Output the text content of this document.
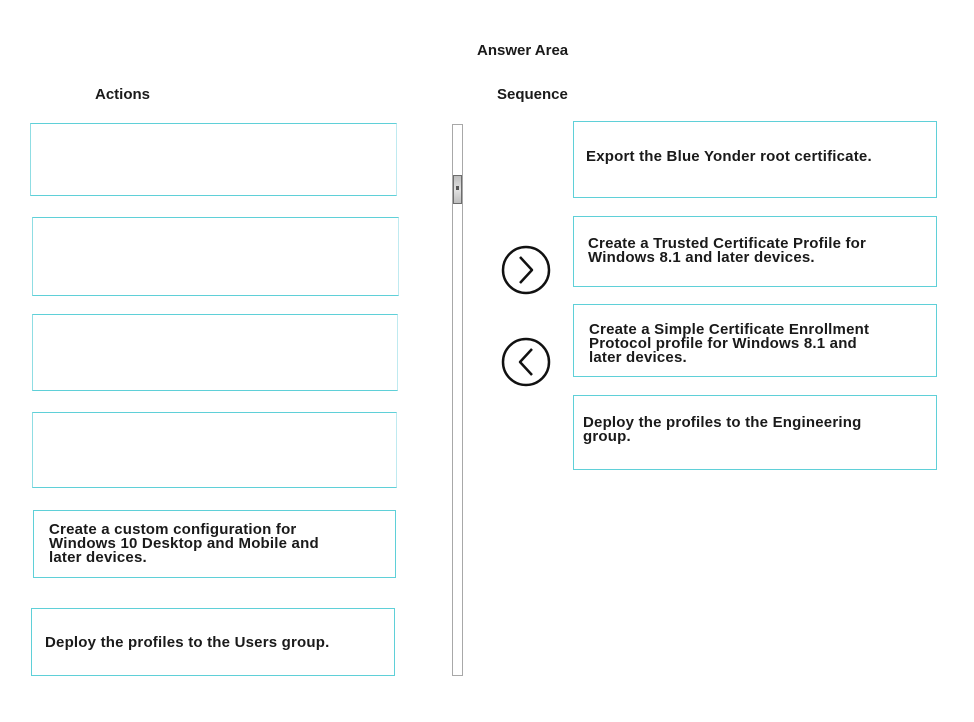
Answer Area
Actions	Sequence
Create a custom configuration for
Windows 10 Desktop and Mobile and
later devices.
Deploy the profiles to the Users group.
Export the Blue Yonder root certificate.
Create a Trusted Certificate Profile for
Windows 8.1 and later devices.
Create a Simple Certificate Enrollment
Protocol profile for Windows 8.1 and
later devices.
Deploy the profiles to the Engineering
group.
